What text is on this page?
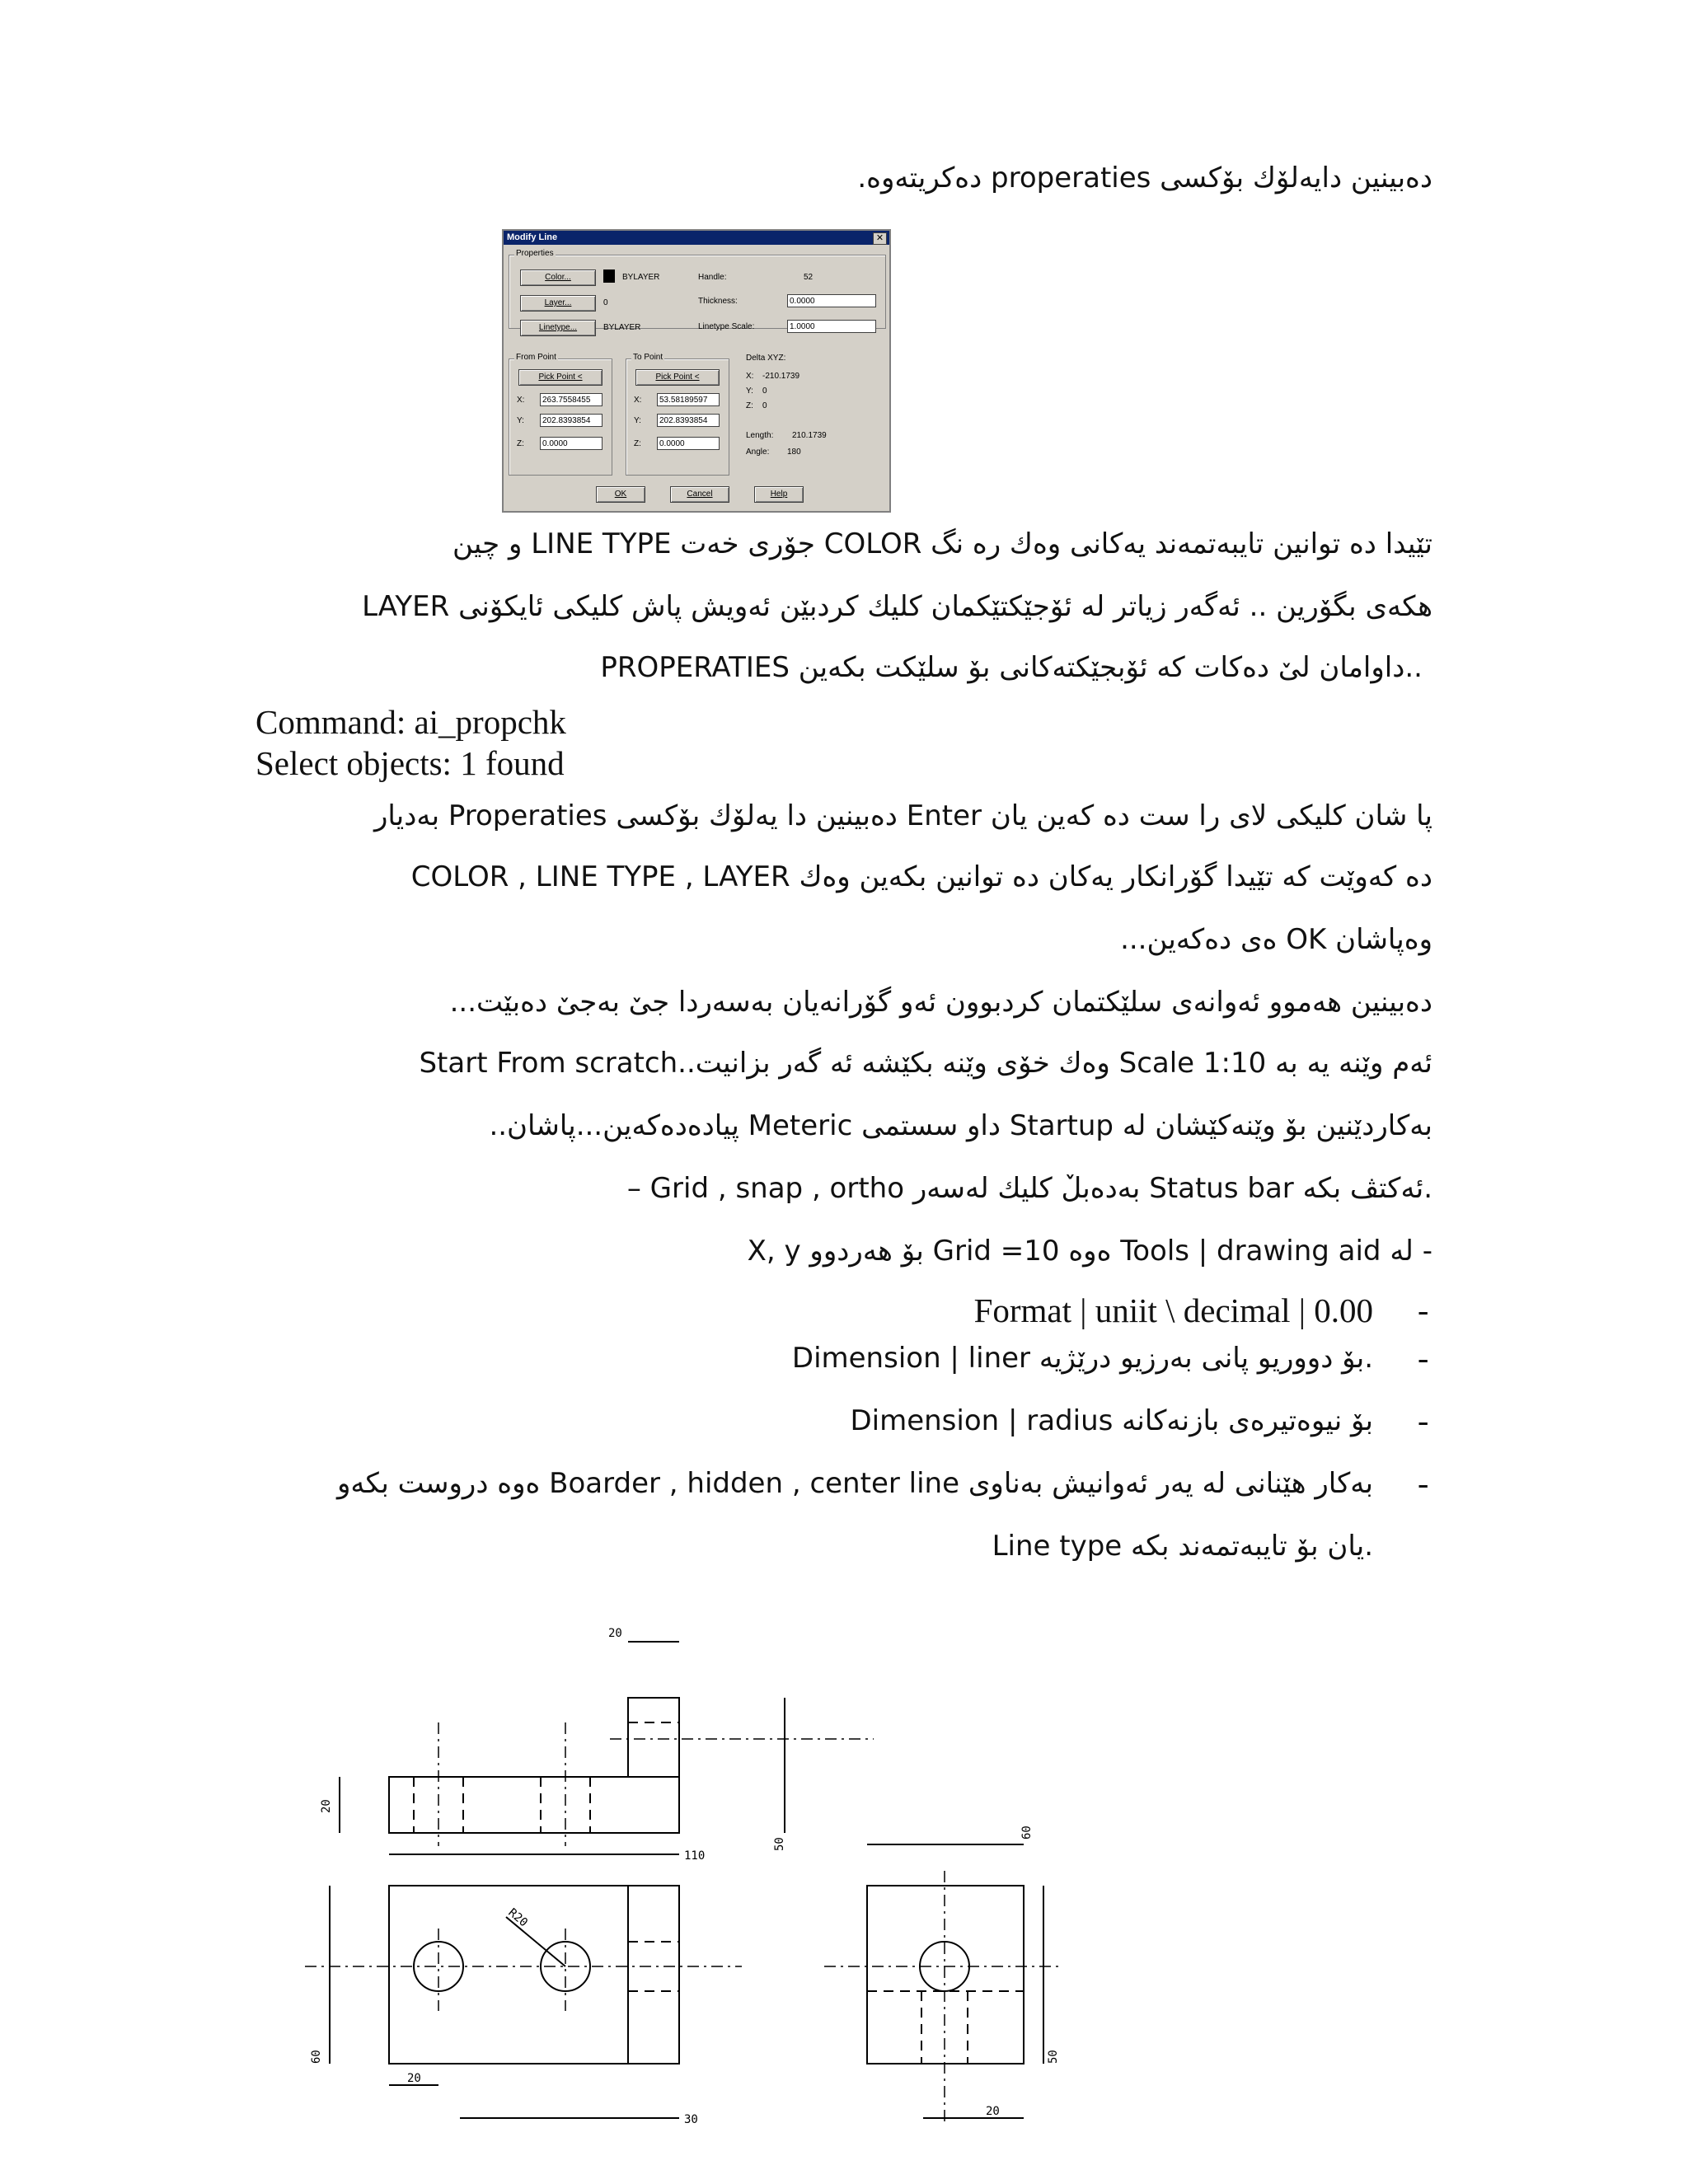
دەبینین دایەلۆك بۆكسی properaties دەكریتەوە.
Modify Line	✕
Properties
Color...	BYLAYER
Layer...	0
Linetype...	BYLAYER
Handle:	52
Thickness:	0.0000
Linetype Scale:	1.0000
From Point
Pick Point <
X:	263.7558455
Y:	202.8393854
Z:	0.0000
To Point
Pick Point <
X:	53.58189597
Y:	202.8393854
Z:	0.0000
Delta XYZ:
X: -210.1739
Y: 0
Z: 0
Length: 210.1739
Angle: 180
OK	Cancel	Help
تێیدا دە توانین تایبەتمەند یەكانی وەك رە نگ COLOR جۆری خەت LINE TYPE و چین
LAYER هكەی بگۆرین .. ئەگەر زیاتر لە ئۆجێكتێكمان كلیك كردبێن ئەویش پاش كلیكی ئایكۆنی
PROPERATIES داوامان لیٚ دەكات كە ئۆبجێكتەكانی بۆ سلێكت بكەین..
Command: ai_propchk
Select objects: 1 found
پا شان كلیكی لای را ست دە كەین یان Enter دەبینین دا یەلۆك بۆكسی Properaties بەدیار
دە كەوێت كە تێیدا گۆرانكار یەكان دە توانین بكەین وەك COLOR , LINE TYPE , LAYER
وەپاشان OK ەی دەكەین...
دەبینین هەموو ئەوانەی سلێكتمان كردبوون ئەو گۆرانەیان بەسەردا جیٚ بەجیٚ دەبێت...
ئەم وێنە یە بە Scale 1:10 وەك خۆی وێنە بكێشە ئە گەر بزانیت..Start From scratch
بەكاردێنین بۆ وێنەكێشان لە Startup داو سستمی Meteric پیادەدەكەین...پاشان..
– Grid , snap , ortho بەدەبلٚ كلیك لەسەر Status bar ئەكتڤ بكە.
- لە Tools | drawing aid ەوە Grid =10 بۆ هەردوو X, y
-
Format | uniit \ decimal | 0.00
-
Dimension | liner بۆ دووریو پانی بەرزیو درێژیە.
-
Dimension | radius بۆ نیوەتیرەی بازنەكانە
-
بەكار هێنانی لە یەر ئەوانیش بەناوی Boarder , hidden , center line ەوە دروست بكەو
Line type یان بۆ تایبەتمەند بكە.
20
20
110
50
60
R20
60
20
30
50
20
